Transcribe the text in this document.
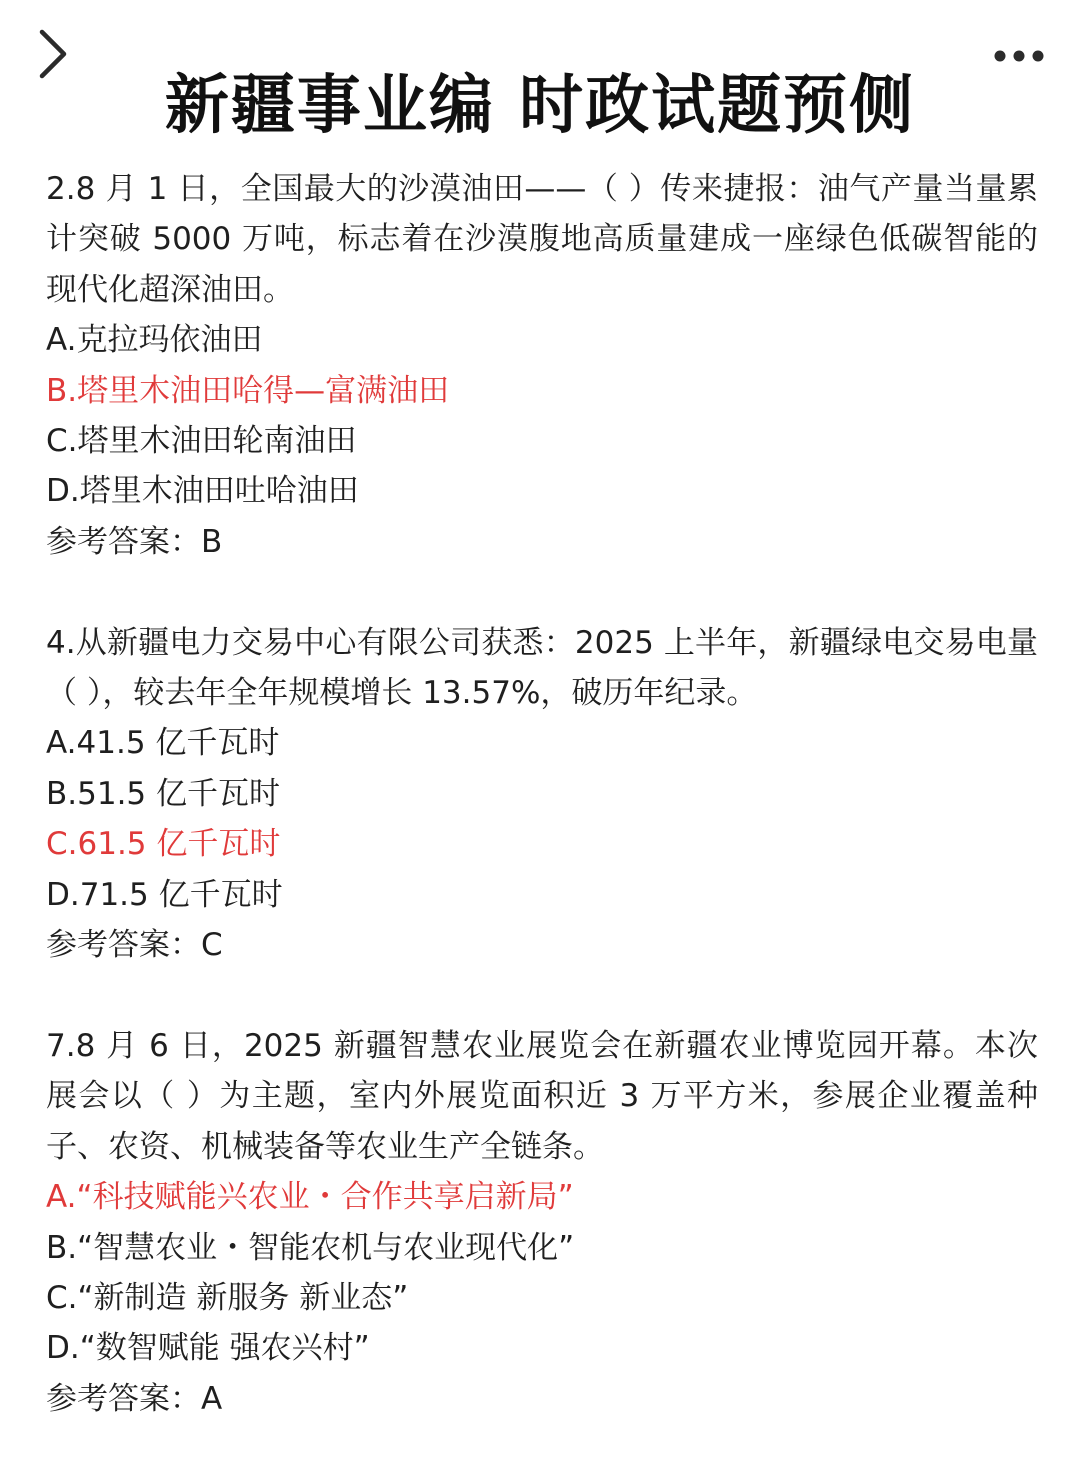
新疆事业编 时政试题预侧

2.8 月 1 日，全国最大的沙漠油田——（ ）传来捷报：油气产量当量累计突破 5000 万吨，标志着在沙漠腹地高质量建成一座绿色低碳智能的现代化超深油田。

A.克拉玛依油田

B.塔里木油田哈得—富满油田

C.塔里木油田轮南油田

D.塔里木油田吐哈油田

参考答案：B

4.从新疆电力交易中心有限公司获悉：2025 上半年，新疆绿电交易电量（ ），较去年全年规模增长 13.57%，破历年纪录。

A.41.5 亿千瓦时

B.51.5 亿千瓦时

C.61.5 亿千瓦时

D.71.5 亿千瓦时

参考答案：C

7.8 月 6 日，2025 新疆智慧农业展览会在新疆农业博览园开幕。本次展会以（ ）为主题，室内外展览面积近 3 万平方米，参展企业覆盖种子、农资、机械装备等农业生产全链条。

A.“科技赋能兴农业・合作共享启新局”

B.“智慧农业・智能农机与农业现代化”

C.“新制造 新服务 新业态”

D.“数智赋能 强农兴村”

参考答案：A
